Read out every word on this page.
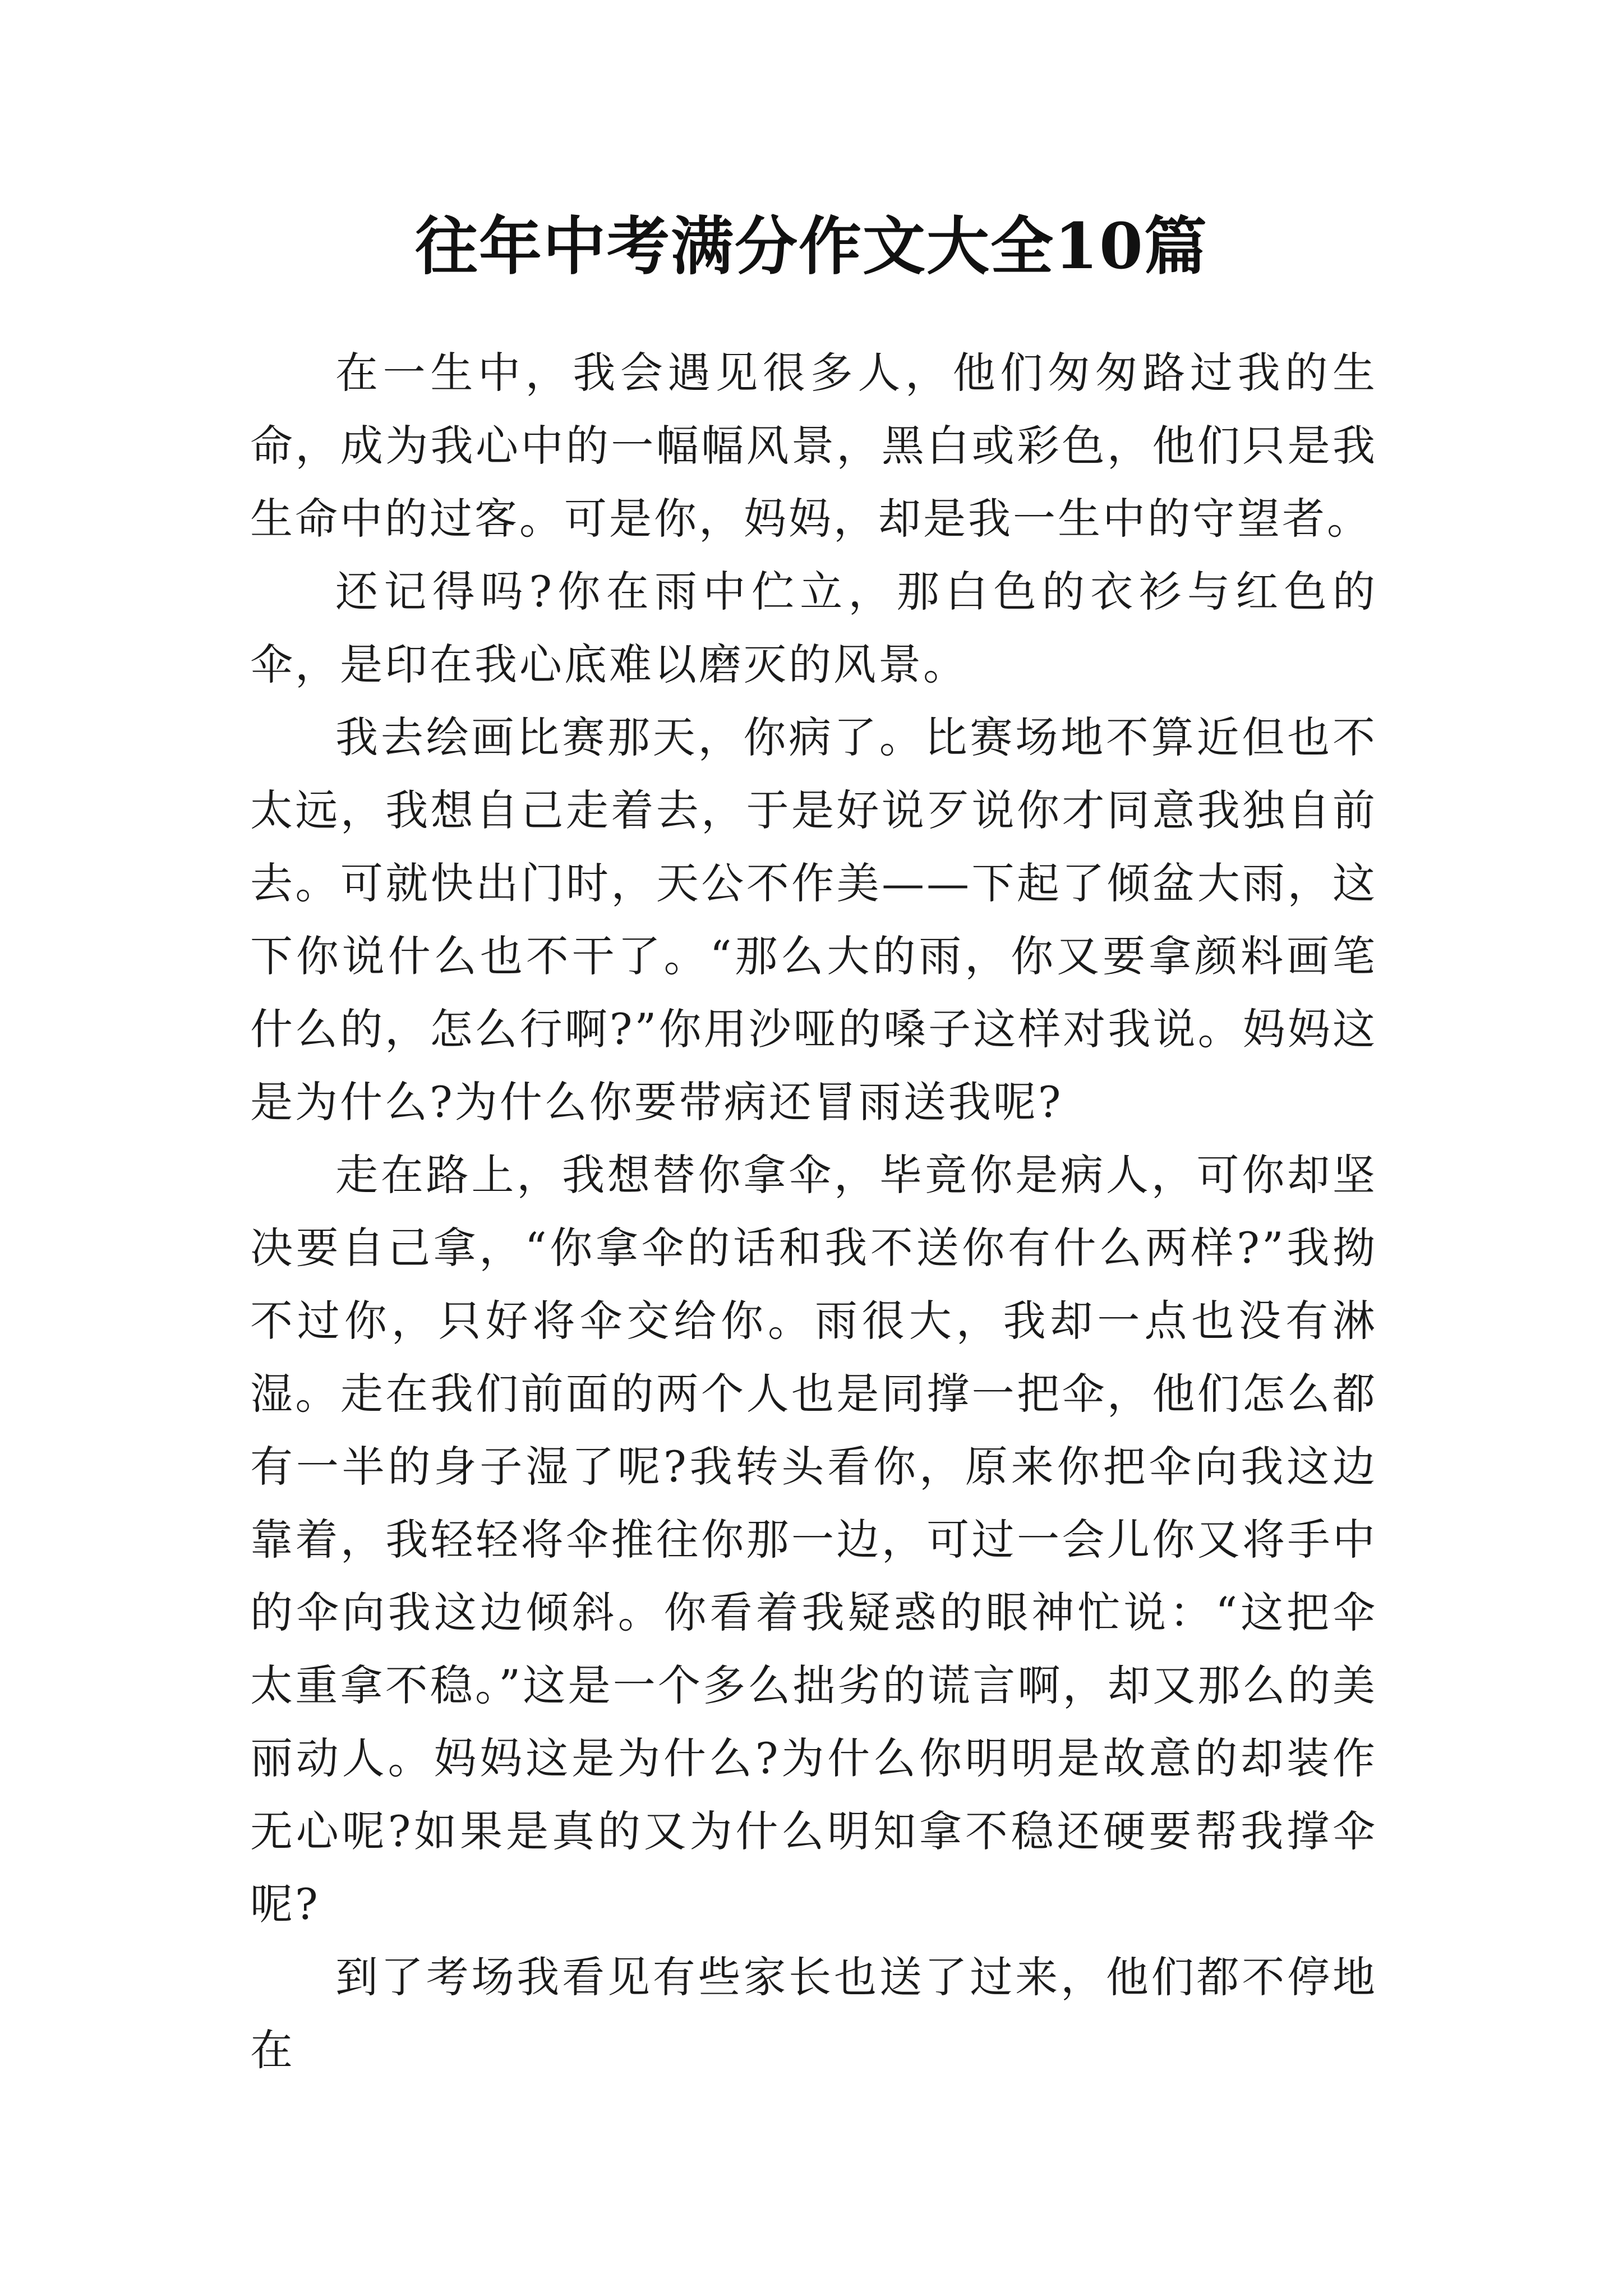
往年中考满分作文大全10篇

在一生中，我会遇见很多人，他们匆匆路过我的生命，成为我心中的一幅幅风景，黑白或彩色，他们只是我生命中的过客。可是你，妈妈，却是我一生中的守望者。

还记得吗?你在雨中伫立，那白色的衣衫与红色的伞，是印在我心底难以磨灭的风景。

我去绘画比赛那天，你病了。比赛场地不算近但也不太远，我想自己走着去，于是好说歹说你才同意我独自前去。可就快出门时，天公不作美——下起了倾盆大雨，这下你说什么也不干了。“那么大的雨，你又要拿颜料画笔什么的，怎么行啊?”你用沙哑的嗓子这样对我说。妈妈这是为什么?为什么你要带病还冒雨送我呢?

走在路上，我想替你拿伞，毕竟你是病人，可你却坚决要自己拿，“你拿伞的话和我不送你有什么两样?”我拗不过你，只好将伞交给你。雨很大，我却一点也没有淋湿。走在我们前面的两个人也是同撑一把伞，他们怎么都有一半的身子湿了呢?我转头看你，原来你把伞向我这边靠着，我轻轻将伞推往你那一边，可过一会儿你又将手中的伞向我这边倾斜。你看着我疑惑的眼神忙说：“这把伞太重拿不稳。”这是一个多么拙劣的谎言啊，却又那么的美丽动人。妈妈这是为什么?为什么你明明是故意的却装作无心呢?如果是真的又为什么明知拿不稳还硬要帮我撑伞呢?

到了考场我看见有些家长也送了过来，他们都不停地在
